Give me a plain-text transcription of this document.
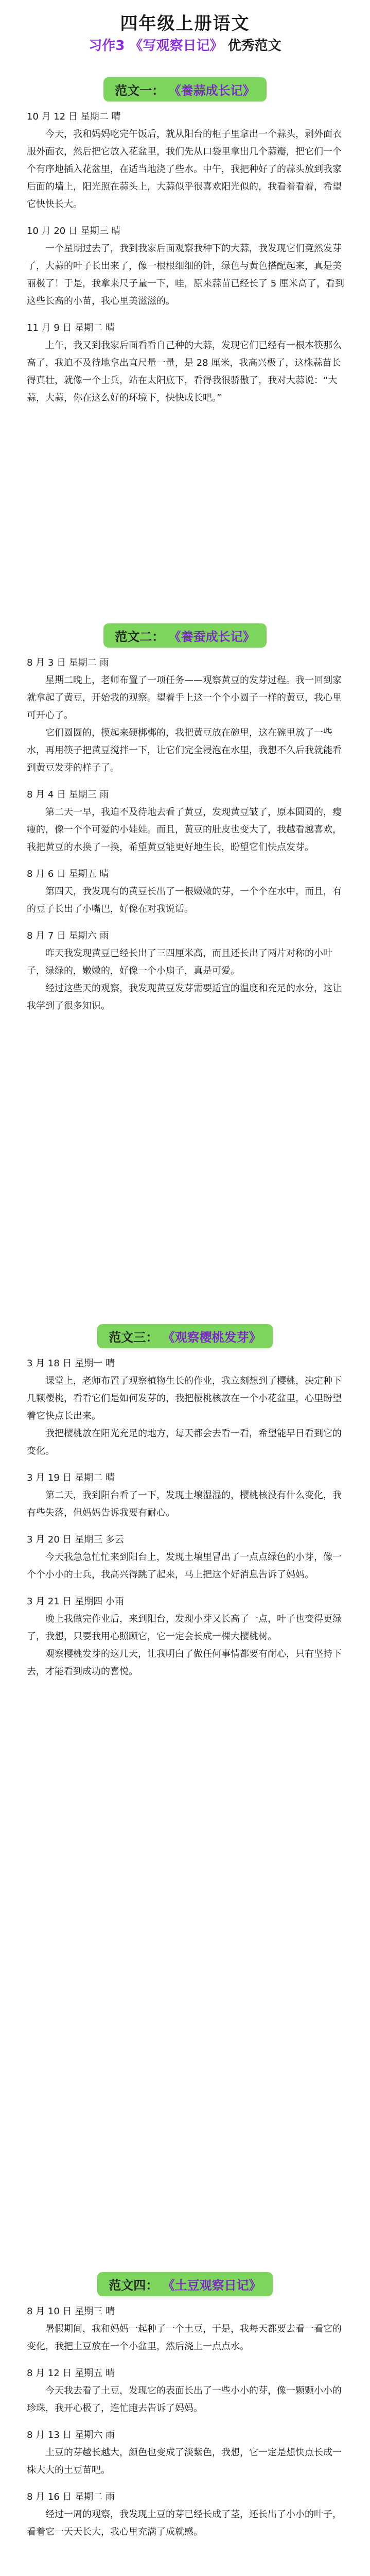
四年级上册语文
习作3 《写观察日记》 优秀范文
范文一： 《養蒜成长记》
10 月 12 日 星期二 晴
今天，我和妈妈吃完午饭后，就从阳台的柜子里拿出一个蒜头，剥外面衣服外面衣，然后把它放入花盆里，我们先从口袋里拿出几个蒜瓣，把它们一个个有序地插入花盆里，在适当地浇了些水。中午，我把种好了的蒜头放到我家后面的墙上，阳光照在蒜头上，大蒜似乎很喜欢阳光似的，我看着看着，希望它快快长大。
10 月 20 日 星期三 晴
一个星期过去了，我到我家后面观察我种下的大蒜，我发现它们竟然发芽了，大蒜的叶子长出来了，像一根根细细的针，绿色与黄色搭配起来，真是美丽极了！于是，我拿来尺子量一下，哇，原来蒜苗已经长了 5 厘米高了，看到这些长高的小苗，我心里美滋滋的。
11 月 9 日 星期二 晴
上午，我又到我家后面看看自己种的大蒜，发现它们已经有一根本筷那么高了，我迫不及待地拿出直尺量一量，是 28 厘米，我高兴极了，这株蒜苗长得真壮，就像一个士兵，站在太阳底下，看得我很骄傲了，我对大蒜说：“大蒜，大蒜，你在这么好的环境下，快快成长吧。”
范文二： 《養蚕成长记》
8 月 3 日 星期二 雨
星期二晚上，老师布置了一项任务——观察黄豆的发芽过程。我一回到家就拿起了黄豆，开始我的观察。望着手上这一个个小圆子一样的黄豆，我心里可开心了。
它们圆圆的，摸起来硬梆梆的，我把黄豆放在碗里，这在碗里放了一些水，再用筷子把黄豆搅拌一下，让它们完全浸泡在水里，我想不久后我就能看到黄豆发芽的样子了。
8 月 4 日 星期三 雨
第二天一早，我迫不及待地去看了黄豆，发现黄豆皱了，原本圆圆的，瘦瘦的，像一个个可爱的小娃娃。而且，黄豆的肚皮也变大了，我越看越喜欢，我把黄豆的水换了一换，希望黄豆能更好地生长，盼望它们快点发芽。
8 月 6 日 星期五 晴
第四天，我发现有的黄豆长出了一根嫩嫩的芽，一个个在水中，而且，有的豆子长出了小嘴巴，好像在对我说话。
8 月 7 日 星期六 雨
昨天我发现黄豆已经长出了三四厘米高，而且还长出了两片对称的小叶子，绿绿的，嫩嫩的，好像一个小扇子，真是可爱。
经过这些天的观察，我发现黄豆发芽需要适宜的温度和充足的水分，这让我学到了很多知识。
范文三： 《观察樱桃发芽》
3 月 18 日 星期一 晴
课堂上，老师布置了观察植物生长的作业，我立刻想到了樱桃，决定种下几颗樱桃，看看它们是如何发芽的，我把樱桃核放在一个小花盆里，心里盼望着它快点长出来。
我把樱桃放在阳光充足的地方，每天都会去看一看，希望能早日看到它的变化。
3 月 19 日 星期二 晴
第二天，我到阳台看了一下，发现土壤湿湿的，樱桃核没有什么变化，我有些失落，但妈妈告诉我要有耐心。
3 月 20 日 星期三 多云
今天我急急忙忙来到阳台上，发现土壤里冒出了一点点绿色的小芽，像一个个小小的士兵，我高兴得跳了起来，马上把这个好消息告诉了妈妈。
3 月 21 日 星期四 小雨
晚上我做完作业后，来到阳台，发现小芽又长高了一点，叶子也变得更绿了，我想，只要我用心照顾它，它一定会长成一棵大樱桃树。
观察樱桃发芽的这几天，让我明白了做任何事情都要有耐心，只有坚持下去，才能看到成功的喜悦。
范文四： 《土豆观察日记》
8 月 10 日 星期三 晴
暑假期间，我和妈妈一起种了一个土豆，于是，我每天都要去看一看它的变化，我把土豆放在一个小盆里，然后浇上一点点水。
8 月 12 日 星期五 晴
今天我去看了土豆，发现它的表面长出了一些小小的芽，像一颗颗小小的珍珠，我开心极了，连忙跑去告诉了妈妈。
8 月 13 日 星期六 雨
土豆的芽越长越大，颜色也变成了淡紫色，我想，它一定是想快点长成一株大大的土豆苗吧。
8 月 16 日 星期二 雨
经过一周的观察，我发现土豆的芽已经长成了茎，还长出了小小的叶子，看着它一天天长大，我心里充满了成就感。
